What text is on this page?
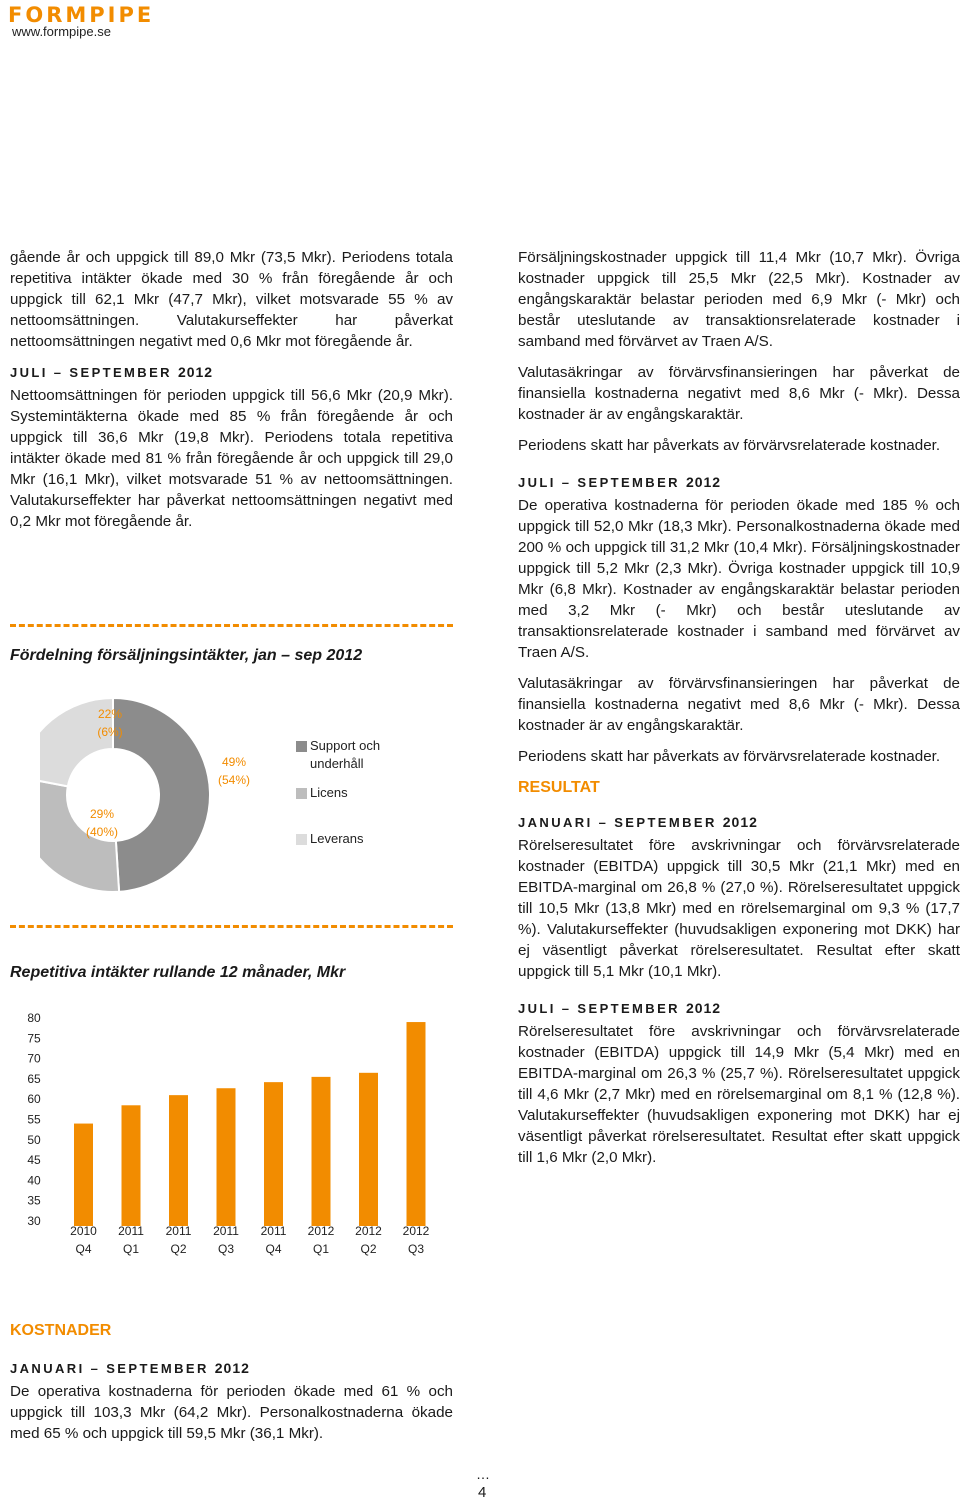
FORMPIPE
www.formpipe.se

gående år och uppgick till 89,0 Mkr (73,5 Mkr). Periodens totala repetitiva intäkter ökade med 30 % från föregående år och uppgick till 62,1 Mkr (47,7 Mkr), vilket motsvarade 55 % av nettoomsättningen. Valutakurseffekter har påverkat nettoomsättningen negativt med 0,6 Mkr mot föregående år.

JULI – SEPTEMBER 2012

Nettoomsättningen för perioden uppgick till 56,6 Mkr (20,9 Mkr). Systemintäkterna ökade med 85 % från föregående år och uppgick till 36,6 Mkr (19,8 Mkr). Periodens totala repetitiva intäkter ökade med 81 % från föregående år och uppgick till 29,0 Mkr (16,1 Mkr), vilket motsvarade 51 % av nettoomsättningen. Valutakurseffekter har påverkat nettoomsättningen negativt med 0,2 Mkr mot föregående år.

Fördelning försäljningsintäkter, jan – sep 2012
49%
(54%)
29%
(40%)
22%
(6%)
Support och underhåll
Licens
Leverans
Repetitiva intäkter rullande 12 månader, Mkr
80
75
70
65
60
55
50
45
40
35
30
2010
Q4
2011
Q1
2011
Q2
2011
Q3
2011
Q4
2012
Q1
2012
Q2
2012
Q3
KOSTNADER
JANUARI – SEPTEMBER 2012

De operativa kostnaderna för perioden ökade med 61 % och uppgick till 103,3 Mkr (64,2 Mkr). Personalkostnaderna ökade med 65 % och uppgick till 59,5 Mkr (36,1 Mkr).

Försäljningskostnader uppgick till 11,4 Mkr (10,7 Mkr). Övriga kostnader uppgick till 25,5 Mkr (22,5 Mkr). Kostnader av engångskaraktär belastar perioden med 6,9 Mkr (- Mkr) och består uteslutande av transaktionsrelaterade kostnader i samband med förvärvet av Traen A/S.

Valutasäkringar av förvärvsfinansieringen har påverkat de finansiella kostnaderna negativt med 8,6 Mkr (- Mkr). Dessa kostnader är av engångskaraktär.

Periodens skatt har påverkats av förvärvsrelaterade kostnader.

JULI – SEPTEMBER 2012

De operativa kostnaderna för perioden ökade med 185 % och uppgick till 52,0 Mkr (18,3 Mkr). Personalkostnaderna ökade med 200 % och uppgick till 31,2 Mkr (10,4 Mkr). Försäljningskostnader uppgick till 5,2 Mkr (2,3 Mkr). Övriga kostnader uppgick till 10,9 Mkr (6,8 Mkr). Kostnader av engångskaraktär belastar perioden med 3,2 Mkr (- Mkr) och består uteslutande av transaktionsrelaterade kostnader i samband med förvärvet av Traen A/S.

Valutasäkringar av förvärvsfinansieringen har påverkat de finansiella kostnaderna negativt med 8,6 Mkr (- Mkr). Dessa kostnader är av engångskaraktär.

Periodens skatt har påverkats av förvärvsrelaterade kostnader.

RESULTAT
JANUARI – SEPTEMBER 2012

Rörelseresultatet före avskrivningar och förvärvsrelaterade kostnader (EBITDA) uppgick till 30,5 Mkr (21,1 Mkr) med en EBITDA-marginal om 26,8 % (27,0 %). Rörelseresultatet uppgick till 10,5 Mkr (13,8 Mkr) med en rörelsemarginal om 9,3 % (17,7 %). Valutakurseffekter (huvudsakligen exponering mot DKK) har ej väsentligt påverkat rörelseresultatet. Resultat efter skatt uppgick till 5,1 Mkr (10,1 Mkr).

JULI – SEPTEMBER 2012

Rörelseresultatet före avskrivningar och förvärvsrelaterade kostnader (EBITDA) uppgick till 14,9 Mkr (5,4 Mkr) med en EBITDA-marginal om 26,3 % (25,7 %). Rörelseresultatet uppgick till 4,6 Mkr (2,7 Mkr) med en rörelsemarginal om 8,1 % (12,8 %). Valutakurseffekter (huvudsakligen exponering mot DKK) har ej väsentligt påverkat rörelseresultatet. Resultat efter skatt uppgick till 1,6 Mkr (2,0 Mkr).

…
4
